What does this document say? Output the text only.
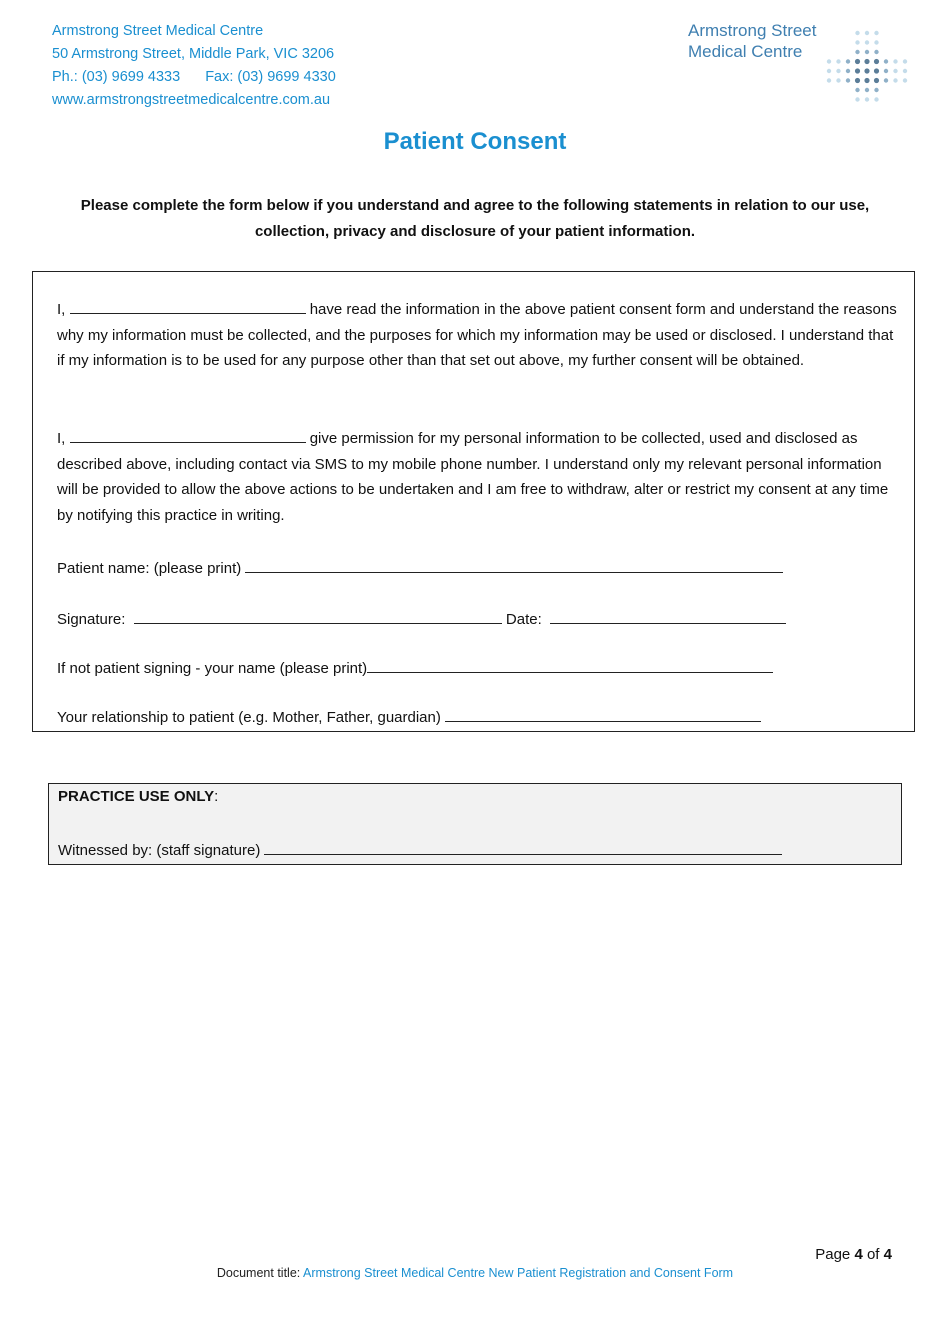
Armstrong Street Medical Centre
50 Armstrong Street, Middle Park, VIC 3206
Ph.: (03) 9699 4333 Fax: (03) 9699 4330
www.armstrongstreetmedicalcentre.com.au
Armstrong Street
Medical Centre
Patient Consent
Please complete the form below if you understand and agree to the following statements in relation to our use, collection, privacy and disclosure of your patient information.
I,	have read the information in the above patient consent form and understand the reasons why my information must be collected, and the purposes for which my information may be used or disclosed. I understand that if my information is to be used for any purpose other than that set out above, my further consent will be obtained.
I,	give permission for my personal information to be collected, used and disclosed as described above, including contact via SMS to my mobile phone number. I understand only my relevant personal information will be provided to allow the above actions to be undertaken and I am free to withdraw, alter or restrict my consent at any time by notifying this practice in writing.
Patient name: (please print)
Signature:	Date:
If not patient signing - your name (please print)
Your relationship to patient (e.g. Mother, Father, guardian)
PRACTICE USE ONLY:
Witnessed by: (staff signature)
Page 4 of 4
Document title: Armstrong Street Medical Centre New Patient Registration and Consent Form
